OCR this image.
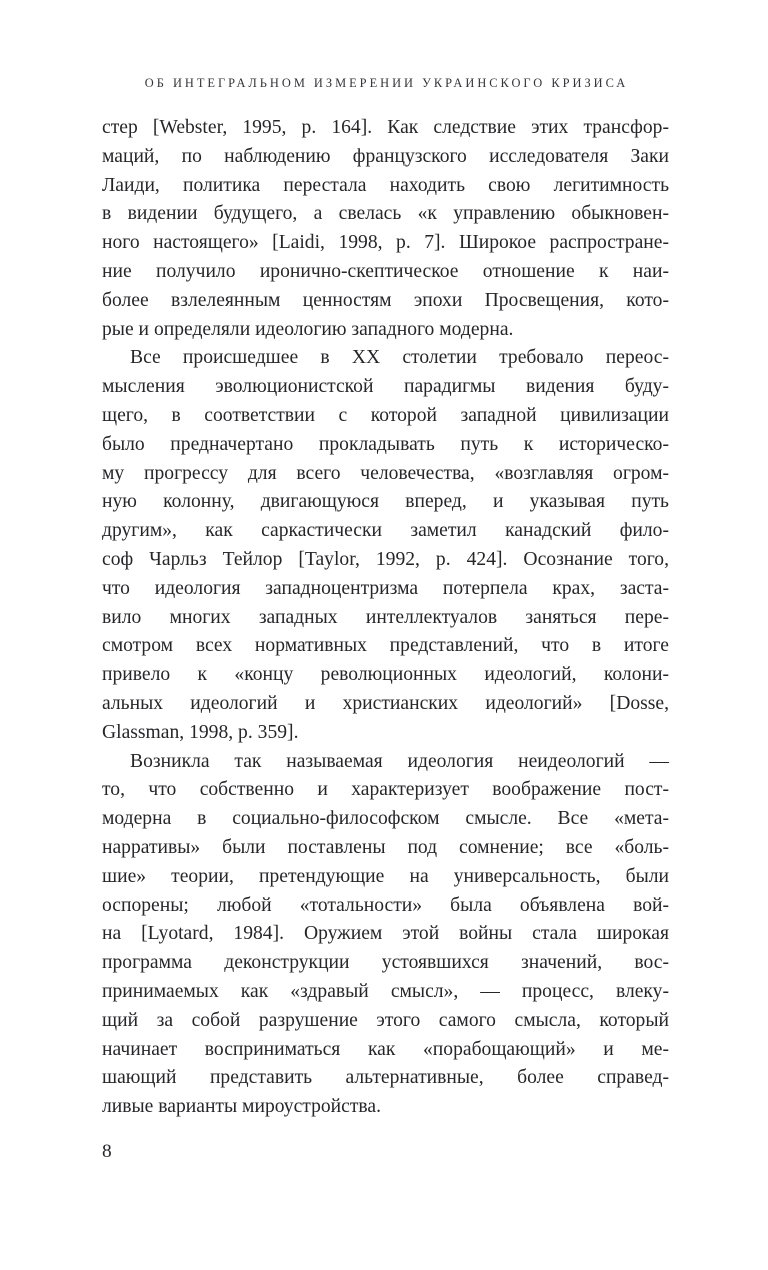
ОБ ИНТЕГРАЛЬНОМ ИЗМЕРЕНИИ УКРАИНСКОГО КРИЗИСА

стер [Webster, 1995, p. 164]. Как следствие этих трансфор-
маций, по наблюдению французского исследователя Заки
Лаиди, политика перестала находить свою легитимность
в видении будущего, а свелась «к управлению обыкновен-
ного настоящего» [Laidi, 1998, p. 7]. Широкое распростране-
ние получило иронично-скептическое отношение к наи-
более взлелеянным ценностям эпохи Просвещения, кото-
рые и определяли идеологию западного модерна.

Все происшедшее в XX столетии требовало переос-
мысления эволюционистской парадигмы видения буду-
щего, в соответствии с которой западной цивилизации
было предначертано прокладывать путь к историческо-
му прогрессу для всего человечества, «возглавляя огром-
ную колонну, двигающуюся вперед, и указывая путь
другим», как саркастически заметил канадский фило-
соф Чарльз Тейлор [Taylor, 1992, p. 424]. Осознание того,
что идеология западноцентризма потерпела крах, заста-
вило многих западных интеллектуалов заняться пере-
смотром всех нормативных представлений, что в итоге
привело к «концу революционных идеологий, колони-
альных идеологий и христианских идеологий» [Dosse,
Glassman, 1998, p. 359].

Возникла так называемая идеология неидеологий —
то, что собственно и характеризует воображение пост-
модерна в социально-философском смысле. Все «мета-
нарративы» были поставлены под сомнение; все «боль-
шие» теории, претендующие на универсальность, были
оспорены; любой «тотальности» была объявлена вой-
на [Lyotard, 1984]. Оружием этой войны стала широкая
программа деконструкции устоявшихся значений, вос-
принимаемых как «здравый смысл», — процесс, влеку-
щий за собой разрушение этого самого смысла, который
начинает восприниматься как «порабощающий» и ме-
шающий представить альтернативные, более справед-
ливые варианты мироустройства.

8
